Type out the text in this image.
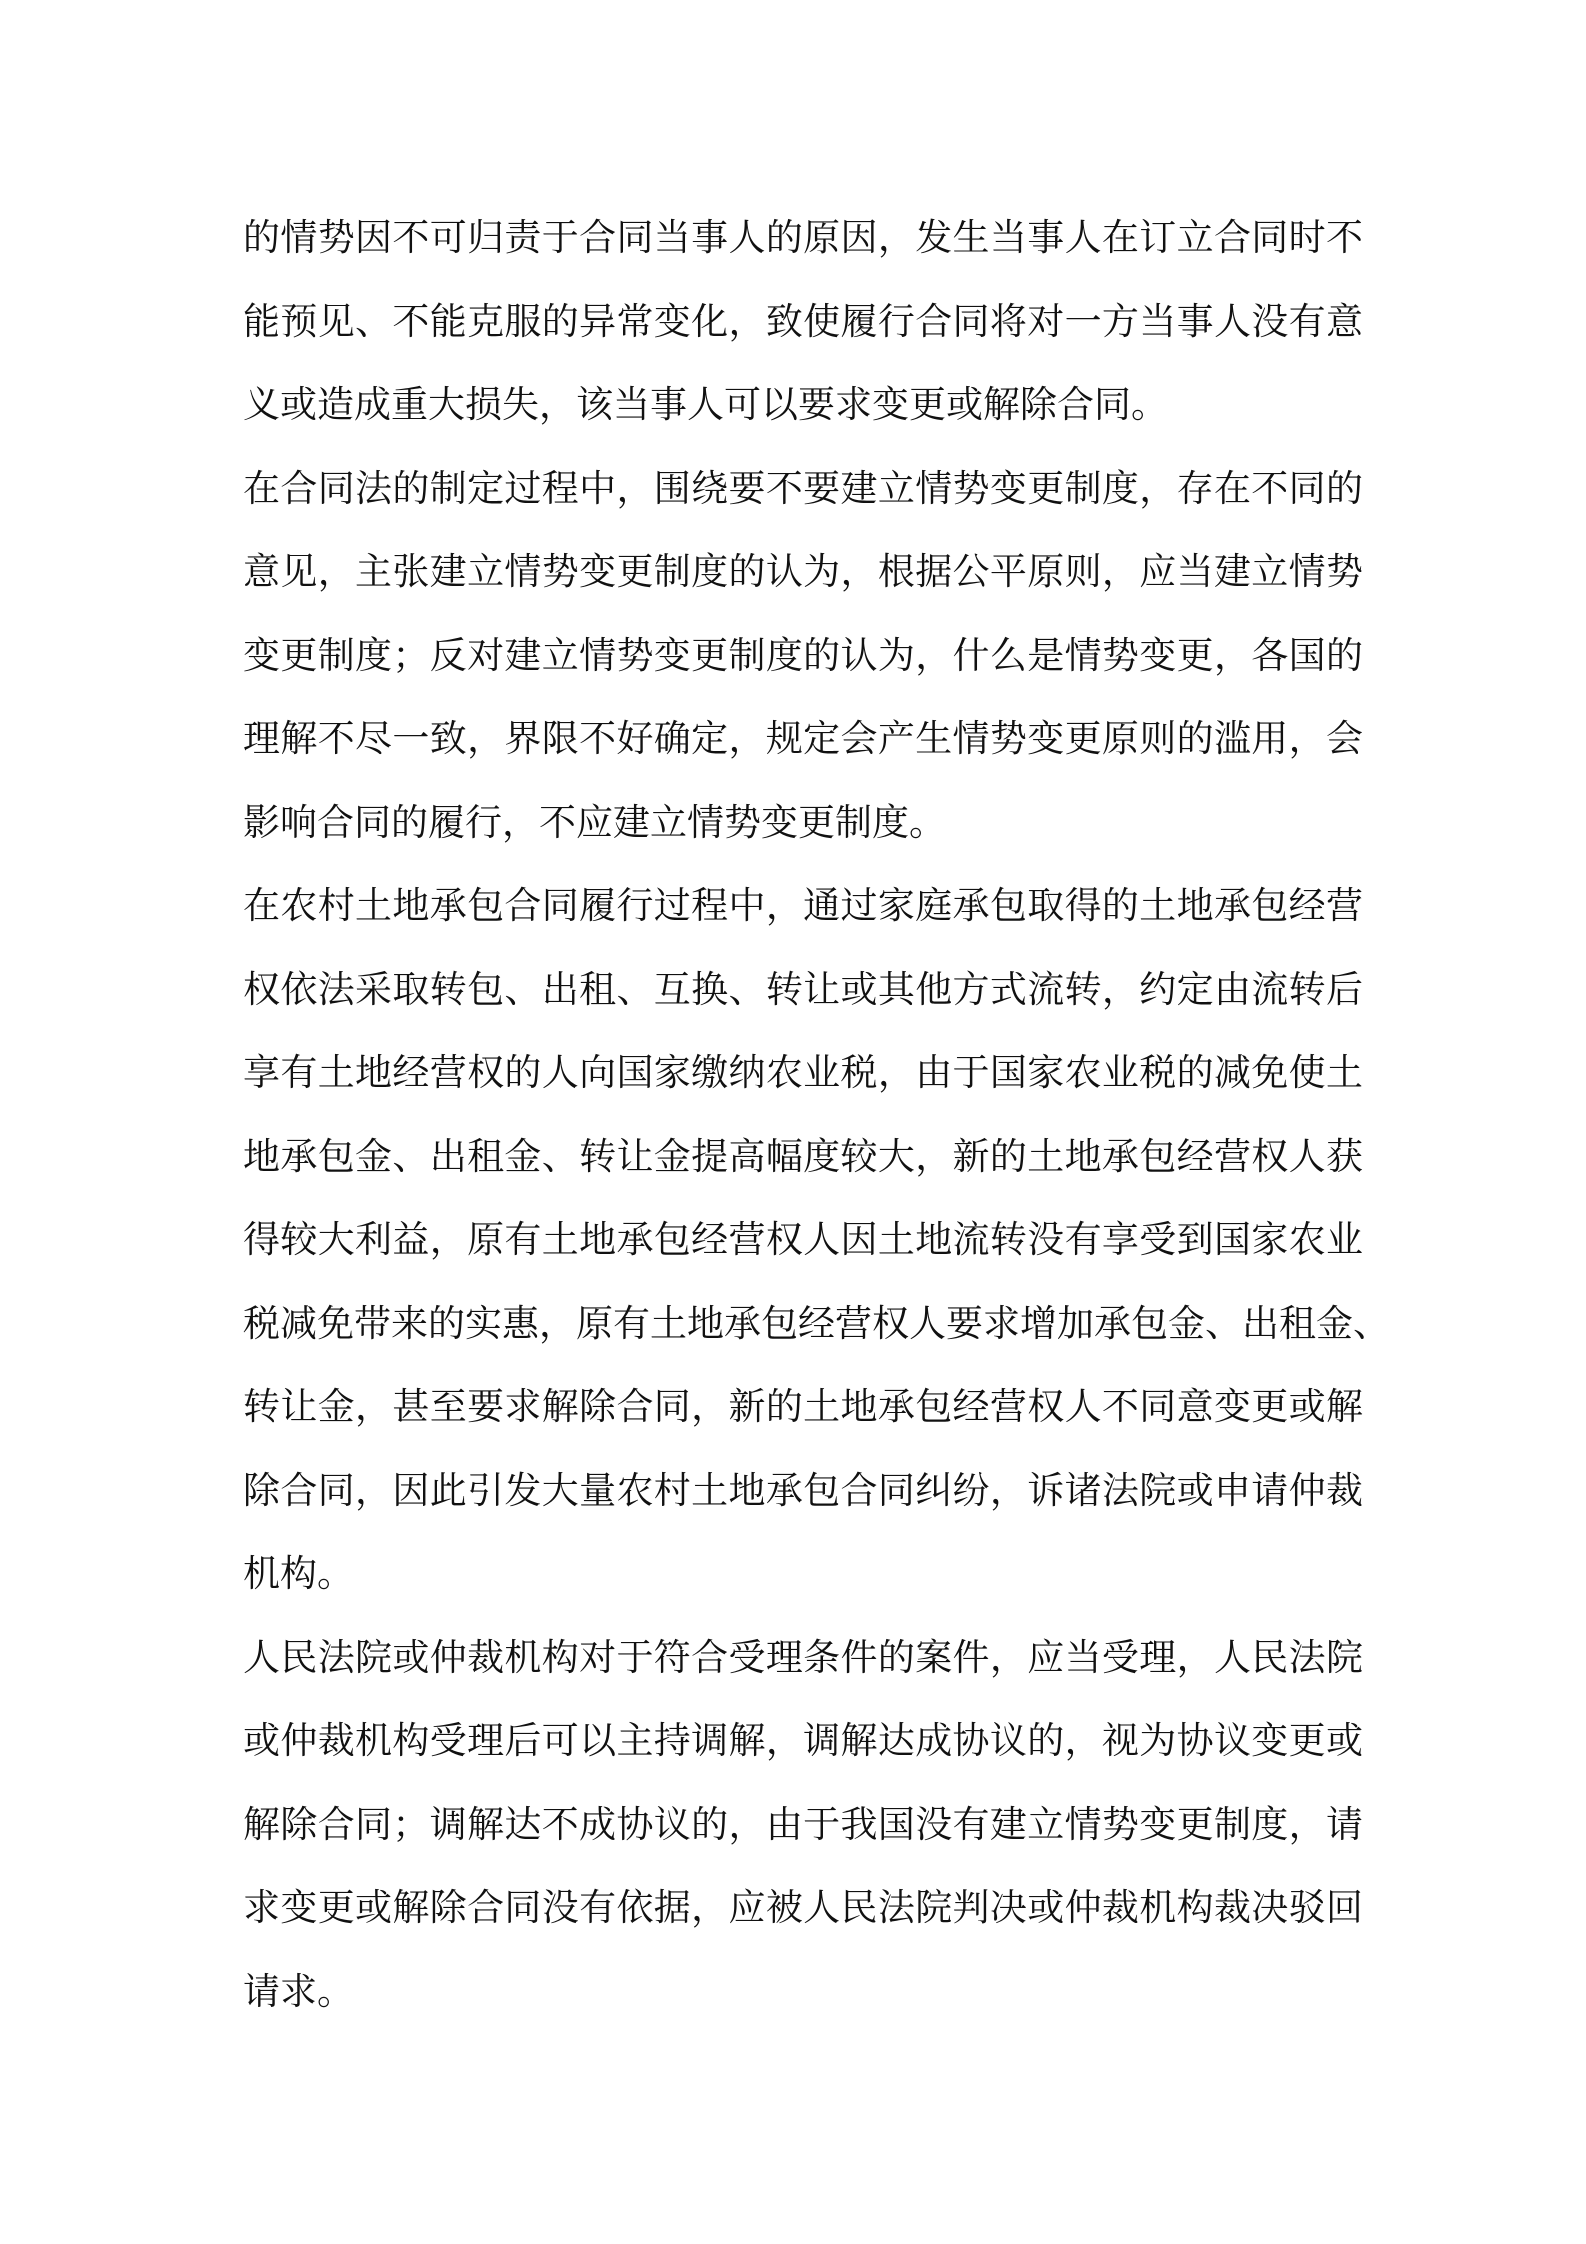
的情势因不可归责于合同当事人的原因，发生当事人在订立合同时不
能预见、不能克服的异常变化，致使履行合同将对一方当事人没有意
义或造成重大损失，该当事人可以要求变更或解除合同。
在合同法的制定过程中，围绕要不要建立情势变更制度，存在不同的
意见，主张建立情势变更制度的认为，根据公平原则，应当建立情势
变更制度；反对建立情势变更制度的认为，什么是情势变更，各国的
理解不尽一致，界限不好确定，规定会产生情势变更原则的滥用，会
影响合同的履行，不应建立情势变更制度。
在农村土地承包合同履行过程中，通过家庭承包取得的土地承包经营
权依法采取转包、出租、互换、转让或其他方式流转，约定由流转后
享有土地经营权的人向国家缴纳农业税，由于国家农业税的减免使土
地承包金、出租金、转让金提高幅度较大，新的土地承包经营权人获
得较大利益，原有土地承包经营权人因土地流转没有享受到国家农业
税减免带来的实惠，原有土地承包经营权人要求增加承包金、出租金、
转让金，甚至要求解除合同，新的土地承包经营权人不同意变更或解
除合同，因此引发大量农村土地承包合同纠纷，诉诸法院或申请仲裁
机构。
人民法院或仲裁机构对于符合受理条件的案件，应当受理，人民法院
或仲裁机构受理后可以主持调解，调解达成协议的，视为协议变更或
解除合同；调解达不成协议的，由于我国没有建立情势变更制度，请
求变更或解除合同没有依据，应被人民法院判决或仲裁机构裁决驳回
请求。
